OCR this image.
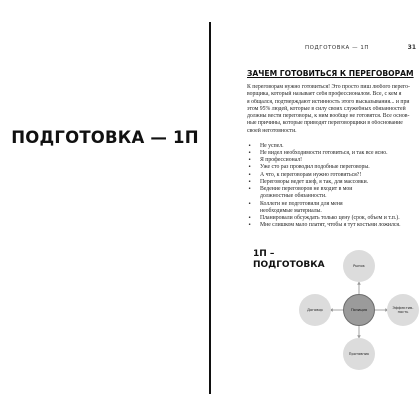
ПОДГОТОВКА — 1П
ПОДГОТОВКА — 1П	31
ЗАЧЕМ ГОТОВИТЬСЯ К ПЕРЕГОВОРАМ
К переговорам нужно готовиться! Это просто пиш любого перего-
ворщика, который называет себя профессионалом. Все, с кем я
я общался, подтверждают истинность этого высказывания... и при
этом 95% людей, которые в силу своих служебных обязанностей
должны вести переговоры, к ним вообще не готовятся. Все основ-
ные причины, которые приводят переговорщики в обоснование
своей неготовности.
• Не успел.
• Не видел необходимости готовиться, и так все ясно.
• Я профессионал!
• Уже сто раз проводил подобные переговоры.
• А что, к переговорам нужно готовиться?!
• Переговоры ведет шеф, я так, для массовки.
• Ведение переговоров не входит в мои
должностные обязанности.
• Коллеги не подготовили для меня
необходимые материалы.
• Планировали обсуждать только цену (срок, объем и т.п.).
• Мне слишком мало платят, чтобы я тут костьми ложился.
1П –
ПОДГОТОВКА	Рынок
Позиция
Договор
Эффектив-
ность
Протявник
